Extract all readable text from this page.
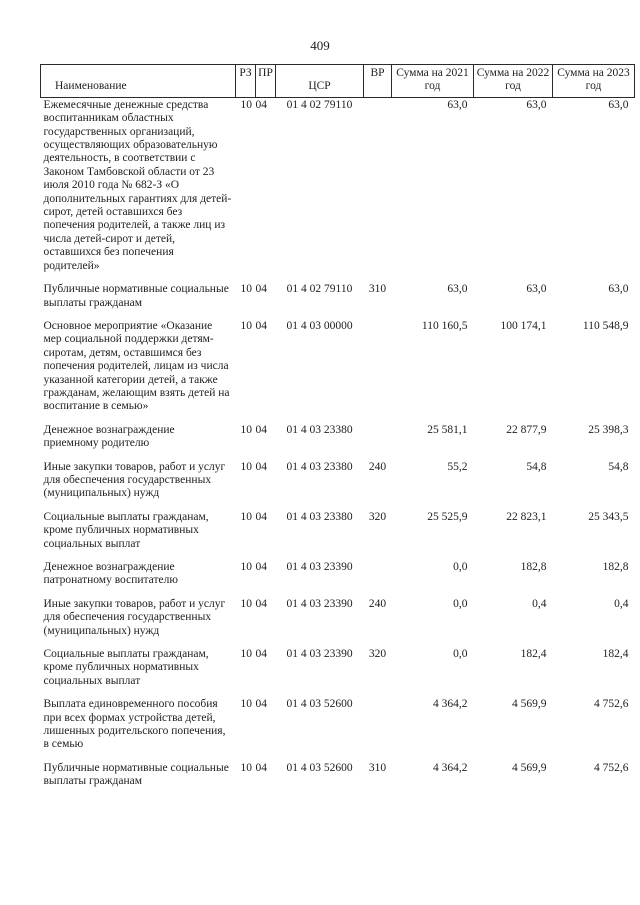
409
Наименование	РЗ	ПР	ЦСР	ВР	Сумма на 2021 год	Сумма на 2022 год	Сумма на 2023 год
Ежемесячные денежные средства воспитанникам областных государственных организаций, осуществляющих образовательную деятельность, в соответствии с Законом Тамбовской области от 23 июля 2010 года № 682-З «О дополнительных гарантиях для детей-сирот, детей оставшихся без попечения родителей, а также лиц из числа детей-сирот и детей, оставшихся без попечения родителей»	10	04	01 4 02 79110		63,0	63,0	63,0
Публичные нормативные социальные выплаты гражданам	10	04	01 4 02 79110	310	63,0	63,0	63,0
Основное мероприятие «Оказание мер социальной поддержки детям-сиротам, детям, оставшимся без попечения родителей, лицам из числа указанной категории детей, а также гражданам, желающим взять детей на воспитание в семью»	10	04	01 4 03 00000		110 160,5	100 174,1	110 548,9
Денежное вознаграждение приемному родителю	10	04	01 4 03 23380		25 581,1	22 877,9	25 398,3
Иные закупки товаров, работ и услуг для обеспечения государственных (муниципальных) нужд	10	04	01 4 03 23380	240	55,2	54,8	54,8
Социальные выплаты гражданам, кроме публичных нормативных социальных выплат	10	04	01 4 03 23380	320	25 525,9	22 823,1	25 343,5
Денежное вознаграждение патронатному воспитателю	10	04	01 4 03 23390		0,0	182,8	182,8
Иные закупки товаров, работ и услуг для обеспечения государственных (муниципальных) нужд	10	04	01 4 03 23390	240	0,0	0,4	0,4
Социальные выплаты гражданам, кроме публичных нормативных социальных выплат	10	04	01 4 03 23390	320	0,0	182,4	182,4
Выплата единовременного пособия при всех формах устройства детей, лишенных родительского попечения, в семью	10	04	01 4 03 52600		4 364,2	4 569,9	4 752,6
Публичные нормативные социальные выплаты гражданам	10	04	01 4 03 52600	310	4 364,2	4 569,9	4 752,6
